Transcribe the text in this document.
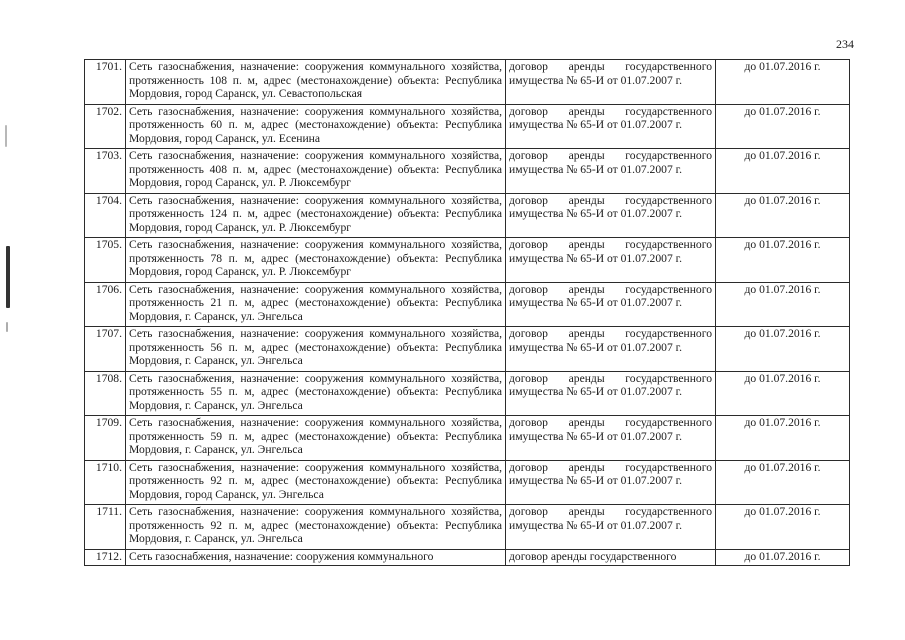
234
1701.	Сеть газоснабжения, назначение: сооружения коммунального хозяйства, протяженность 108 п. м, адрес (местонахождение) объекта: Республика Мордовия, город Саранск, ул. Севастопольская	договор аренды государственного имущества № 65-И от 01.07.2007 г.	до 01.07.2016 г.
1702.	Сеть газоснабжения, назначение: сооружения коммунального хозяйства, протяженность 60 п. м, адрес (местонахождение) объекта: Республика Мордовия, город Саранск, ул. Есенина	договор аренды государственного имущества № 65-И от 01.07.2007 г.	до 01.07.2016 г.
1703.	Сеть газоснабжения, назначение: сооружения коммунального хозяйства, протяженность 408 п. м, адрес (местонахождение) объекта: Республика Мордовия, город Саранск, ул. Р. Люксембург	договор аренды государственного имущества № 65-И от 01.07.2007 г.	до 01.07.2016 г.
1704.	Сеть газоснабжения, назначение: сооружения коммунального хозяйства, протяженность 124 п. м, адрес (местонахождение) объекта: Республика Мордовия, город Саранск, ул. Р. Люксембург	договор аренды государственного имущества № 65-И от 01.07.2007 г.	до 01.07.2016 г.
1705.	Сеть газоснабжения, назначение: сооружения коммунального хозяйства, протяженность 78 п. м, адрес (местонахождение) объекта: Республика Мордовия, город Саранск, ул. Р. Люксембург	договор аренды государственного имущества № 65-И от 01.07.2007 г.	до 01.07.2016 г.
1706.	Сеть газоснабжения, назначение: сооружения коммунального хозяйства, протяженность 21 п. м, адрес (местонахождение) объекта: Республика Мордовия, г. Саранск, ул. Энгельса	договор аренды государственного имущества № 65-И от 01.07.2007 г.	до 01.07.2016 г.
1707.	Сеть газоснабжения, назначение: сооружения коммунального хозяйства, протяженность 56 п. м, адрес (местонахождение) объекта: Республика Мордовия, г. Саранск, ул. Энгельса	договор аренды государственного имущества № 65-И от 01.07.2007 г.	до 01.07.2016 г.
1708.	Сеть газоснабжения, назначение: сооружения коммунального хозяйства, протяженность 55 п. м, адрес (местонахождение) объекта: Республика Мордовия, г. Саранск, ул. Энгельса	договор аренды государственного имущества № 65-И от 01.07.2007 г.	до 01.07.2016 г.
1709.	Сеть газоснабжения, назначение: сооружения коммунального хозяйства, протяженность 59 п. м, адрес (местонахождение) объекта: Республика Мордовия, г. Саранск, ул. Энгельса	договор аренды государственного имущества № 65-И от 01.07.2007 г.	до 01.07.2016 г.
1710.	Сеть газоснабжения, назначение: сооружения коммунального хозяйства, протяженность 92 п. м, адрес (местонахождение) объекта: Республика Мордовия, город Саранск, ул. Энгельса	договор аренды государственного имущества № 65-И от 01.07.2007 г.	до 01.07.2016 г.
1711.	Сеть газоснабжения, назначение: сооружения коммунального хозяйства, протяженность 92 п. м, адрес (местонахождение) объекта: Республика Мордовия, г. Саранск, ул. Энгельса	договор аренды государственного имущества № 65-И от 01.07.2007 г.	до 01.07.2016 г.

1712.	Сеть газоснабжения, назначение: сооружения коммунального	договор аренды государственного	до 01.07.2016 г.
